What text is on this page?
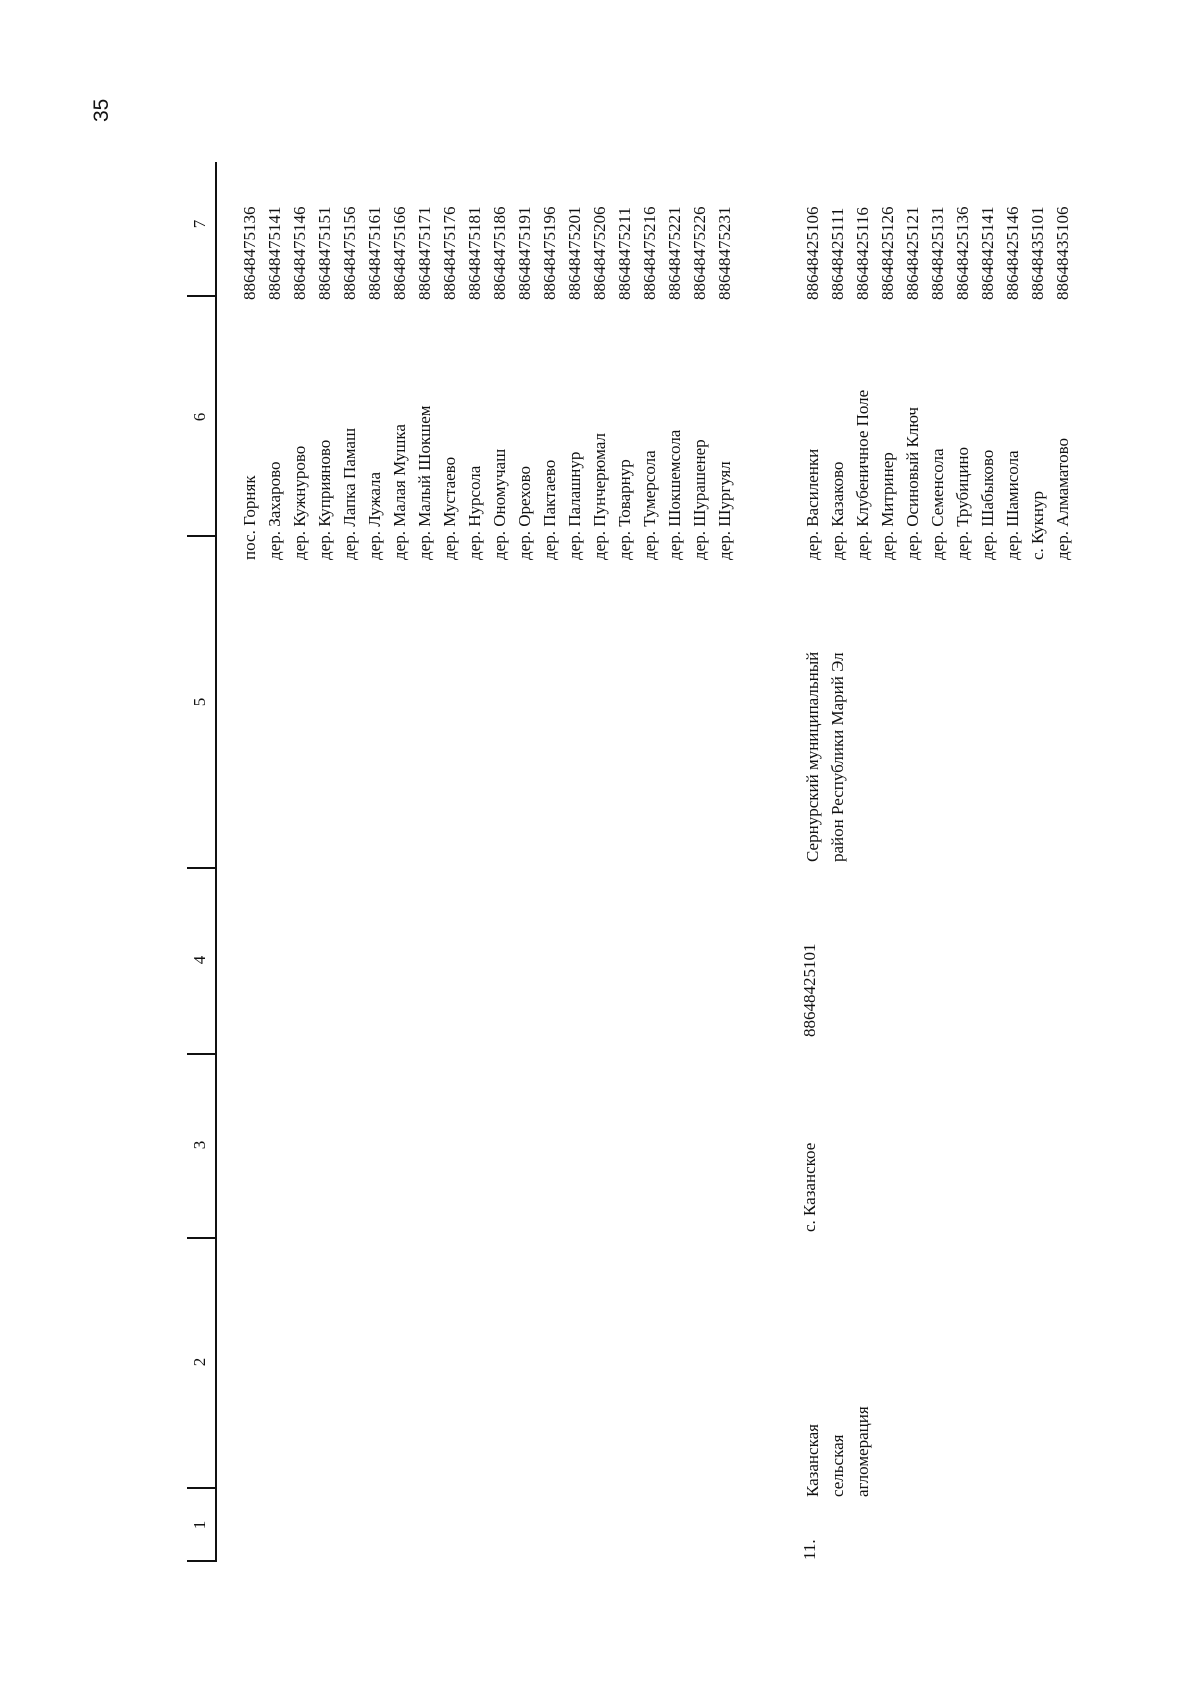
1
2
3
4
5
6
7
пос. Горняк дер. Захарово дер. Кужнурово дер. Куприяново дер. Лапка Памаш дер. Лужала дер. Малая Мушка дер. Малый Шокшем дер. Мустаево дер. Нурсола дер. Ономучаш дер. Орехово дер. Пактаево дер. Палашнур дер. Пунчерюмал дер. Товарнур дер. Тумерсола дер. Шокшемсола дер. Шурашенер дер. Шургуял
88648475136 88648475141 88648475146 88648475151 88648475156 88648475161 88648475166 88648475171 88648475176 88648475181 88648475186 88648475191 88648475196 88648475201 88648475206 88648475211 88648475216 88648475221 88648475226 88648475231
11.
Казанская сельская агломерация
с. Казанское
88648425101
Сернурский муниципальный район Республики Марий Эл
дер. Василенки дер. Казаково дер. Клубеничное Поле дер. Митринер дер. Осиновый Ключ дер. Семенсола дер. Трубицино дер. Шабыково дер. Шамисола с. Кукнур дер. Алмаматово
88648425106 88648425111 88648425116 88648425126 88648425121 88648425131 88648425136 88648425141 88648425146 88648435101 88648435106
35
